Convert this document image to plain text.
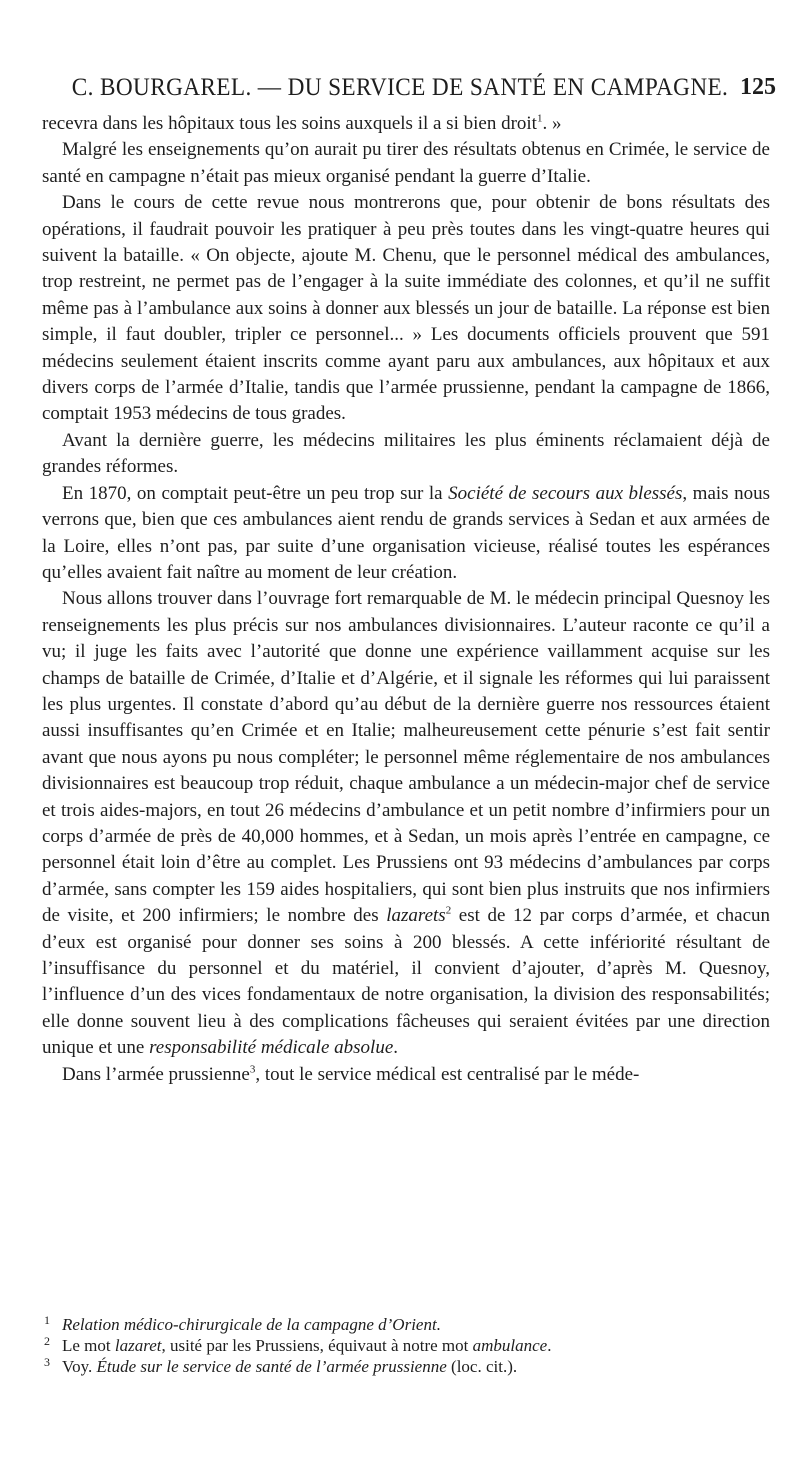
C. BOURGAREL. — DU SERVICE DE SANTÉ EN CAMPAGNE. 125

recevra dans les hôpitaux tous les soins auxquels il a si bien droit$^1$. »

Malgré les enseignements qu’on aurait pu tirer des résultats obtenus en Crimée, le service de santé en campagne n’était pas mieux organisé pendant la guerre d’Italie.

Dans le cours de cette revue nous montrerons que, pour obtenir de bons résultats des opérations, il faudrait pouvoir les pratiquer à peu près toutes dans les vingt-quatre heures qui suivent la bataille. « On objecte, ajoute M. Chenu, que le personnel médical des ambulances, trop restreint, ne permet pas de l’engager à la suite immédiate des colonnes, et qu’il ne suffit même pas à l’ambulance aux soins à donner aux blessés un jour de bataille. La réponse est bien simple, il faut doubler, tripler ce personnel... » Les documents officiels prouvent que 591 médecins seulement étaient inscrits comme ayant paru aux ambulances, aux hôpitaux et aux divers corps de l’armée d’Italie, tandis que l’armée prussienne, pendant la campagne de 1866, comptait 1953 médecins de tous grades.

Avant la dernière guerre, les médecins militaires les plus éminents réclamaient déjà de grandes réformes.

En 1870, on comptait peut-être un peu trop sur la Société de secours aux blessés, mais nous verrons que, bien que ces ambulances aient rendu de grands services à Sedan et aux armées de la Loire, elles n’ont pas, par suite d’une organisation vicieuse, réalisé toutes les espérances qu’elles avaient fait naître au moment de leur création.

Nous allons trouver dans l’ouvrage fort remarquable de M. le médecin principal Quesnoy les renseignements les plus précis sur nos ambulances divisionnaires. L’auteur raconte ce qu’il a vu; il juge les faits avec l’autorité que donne une expérience vaillamment acquise sur les champs de bataille de Crimée, d’Italie et d’Algérie, et il signale les réformes qui lui paraissent les plus urgentes. Il constate d’abord qu’au début de la dernière guerre nos ressources étaient aussi insuffisantes qu’en Crimée et en Italie; malheureusement cette pénurie s’est fait sentir avant que nous ayons pu nous compléter; le personnel même réglementaire de nos ambulances divisionnaires est beaucoup trop réduit, chaque ambulance a un médecin-major chef de service et trois aides-majors, en tout 26 médecins d’ambulance et un petit nombre d’infirmiers pour un corps d’armée de près de 40,000 hommes, et à Sedan, un mois après l’entrée en campagne, ce personnel était loin d’être au complet. Les Prussiens ont 93 médecins d’ambulances par corps d’armée, sans compter les 159 aides hospitaliers, qui sont bien plus instruits que nos infirmiers de visite, et 200 infirmiers; le nombre des lazarets$^2$ est de 12 par corps d’armée, et chacun d’eux est organisé pour donner ses soins à 200 blessés. A cette infériorité résultant de l’insuffisance du personnel et du matériel, il convient d’ajouter, d’après M. Quesnoy, l’influence d’un des vices fondamentaux de notre organisation, la division des responsabilités; elle donne souvent lieu à des complications fâcheuses qui seraient évitées par une direction unique et une responsabilité médicale absolue.

Dans l’armée prussienne$^3$, tout le service médical est centralisé par le méde-

1 Relation médico-chirurgicale de la campagne d’Orient.

2 Le mot lazaret, usité par les Prussiens, équivaut à notre mot ambulance.

3 Voy. Étude sur le service de santé de l’armée prussienne (loc. cit.).
